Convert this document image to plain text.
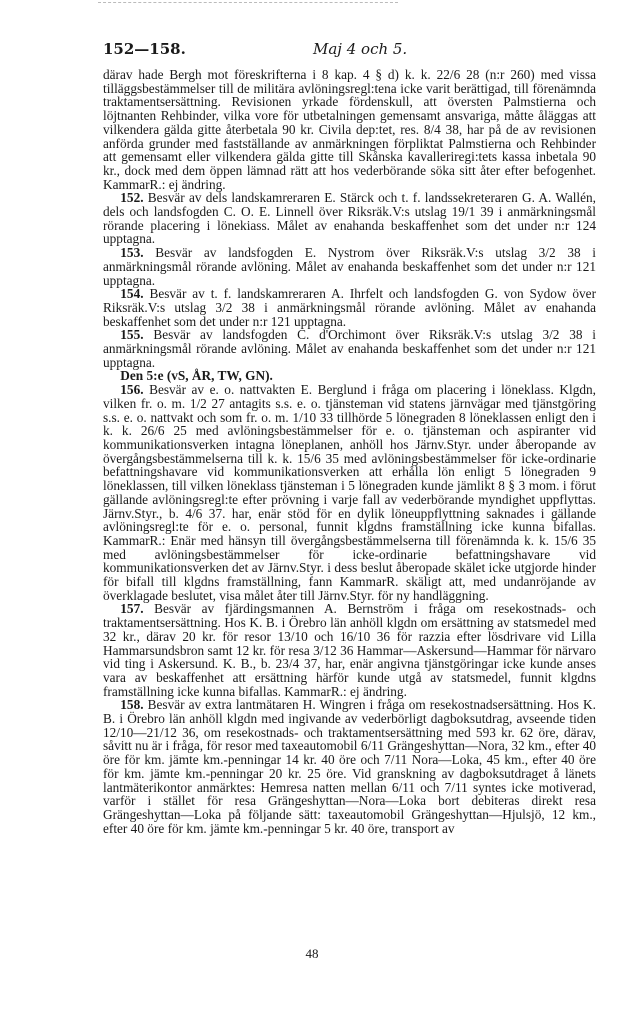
152—158.	Maj 4 och 5.

därav hade Bergh mot föreskrifterna i 8 kap. 4 § d) k. k. 22/6 28 (n:r 260) med vissa tilläggsbestämmelser till de militära avlöningsregl:tena icke varit berättigad, till förenämnda traktamentsersättning. Revisionen yrkade fördenskull, att översten Palmstierna och löjtnanten Rehbinder, vilka vore för utbetalningen gemensamt ansvariga, måtte åläggas att vilkendera gälda gitte återbetala 90 kr. Civila dep:tet, res. 8/4 38, har på de av revisionen anförda grunder med fastställande av anmärkningen förpliktat Palmstierna och Rehbinder att gemensamt eller vilkendera gälda gitte till Skånska kavalleriregi:tets kassa inbetala 90 kr., dock med dem öppen lämnad rätt att hos vederbörande söka sitt åter efter befogenhet. KammarR.: ej ändring.

152. Besvär av dels landskamreraren E. Stärck och t. f. landssekreteraren G. A. Wallén, dels och landsfogden C. O. E. Linnell över Riksräk.V:s utslag 19/1 39 i anmärkningsmål rörande placering i lönekiass. Målet av enahanda beskaffenhet som det under n:r 124 upptagna.

153. Besvär av landsfogden E. Nystrom över Riksräk.V:s utslag 3/2 38 i anmärkningsmål rörande avlöning. Målet av enahanda beskaffenhet som det under n:r 121 upptagna.

154. Besvär av t. f. landskamreraren A. Ihrfelt och landsfogden G. von Sydow över Riksräk.V:s utslag 3/2 38 i anmärkningsmål rörande avlöning. Målet av enahanda beskaffenhet som det under n:r 121 upptagna.

155. Besvär av landsfogden C. d'Orchimont över Riksräk.V:s utslag 3/2 38 i anmärkningsmål rörande avlöning. Målet av enahanda beskaffenhet som det under n:r 121 upptagna.

Den 5:e (vS, ÅR, TW, GN).

156. Besvär av e. o. nattvakten E. Berglund i fråga om placering i löneklass. Klgdn, vilken fr. o. m. 1/2 27 antagits s.s. e. o. tjänsteman vid statens järnvägar med tjänstgöring s.s. e. o. nattvakt och som fr. o. m. 1/10 33 tillhörde 5 lönegraden 8 löneklassen enligt den i k. k. 26/6 25 med avlöningsbestämmelser för e. o. tjänsteman och aspiranter vid kommunikationsverken intagna löneplanen, anhöll hos Järnv.Styr. under åberopande av övergångsbestämmelserna till k. k. 15/6 35 med avlöningsbestämmelser för icke-ordinarie befattningshavare vid kommunikationsverken att erhålla lön enligt 5 lönegraden 9 löneklassen, till vilken löneklass tjänsteman i 5 lönegraden kunde jämlikt 8 § 3 mom. i förut gällande avlöningsregl:te efter prövning i varje fall av vederbörande myndighet uppflyttas. Järnv.Styr., b. 4/6 37. har, enär stöd för en dylik löneuppflyttning saknades i gällande avlöningsregl:te för e. o. personal, funnit klgdns framställning icke kunna bifallas. KammarR.: Enär med hänsyn till övergångsbestämmelserna till förenämnda k. k. 15/6 35 med avlöningsbestämmelser för icke-ordinarie befattningshavare vid kommunikationsverken det av Järnv.Styr. i dess beslut åberopade skälet icke utgjorde hinder för bifall till klgdns framställning, fann KammarR. skäligt att, med undanröjande av överklagade beslutet, visa målet åter till Järnv.Styr. för ny handläggning.

157. Besvär av fjärdingsmannen A. Bernström i fråga om resekostnads- och traktamentsersättning. Hos K. B. i Örebro län anhöll klgdn om ersättning av statsmedel med 32 kr., därav 20 kr. för resor 13/10 och 16/10 36 för razzia efter lösdrivare vid Lilla Hammarsundsbron samt 12 kr. för resa 3/12 36 Hammar—Askersund—Hammar för närvaro vid ting i Askersund. K. B., b. 23/4 37, har, enär angivna tjänstgöringar icke kunde anses vara av beskaffenhet att ersättning härför kunde utgå av statsmedel, funnit klgdns framställning icke kunna bifallas. KammarR.: ej ändring.

158. Besvär av extra lantmätaren H. Wingren i fråga om resekostnadsersättning. Hos K. B. i Örebro län anhöll klgdn med ingivande av vederbörligt dagboksutdrag, avseende tiden 12/10—21/12 36, om resekostnads- och traktamentsersättning med 593 kr. 62 öre, därav, såvitt nu är i fråga, för resor med taxeautomobil 6/11 Grängeshyttan—Nora, 32 km., efter 40 öre för km. jämte km.-penningar 14 kr. 40 öre och 7/11 Nora—Loka, 45 km., efter 40 öre för km. jämte km.-penningar 20 kr. 25 öre. Vid granskning av dagboksutdraget å länets lantmäterikontor anmärktes: Hemresa natten mellan 6/11 och 7/11 syntes icke motiverad, varför i stället för resa Grängeshyttan—Nora—Loka bort debiteras direkt resa Grängeshyttan—Loka på följande sätt: taxeautomobil Grängeshyttan—Hjulsjö, 12 km., efter 40 öre för km. jämte km.-penningar 5 kr. 40 öre, transport av

48
